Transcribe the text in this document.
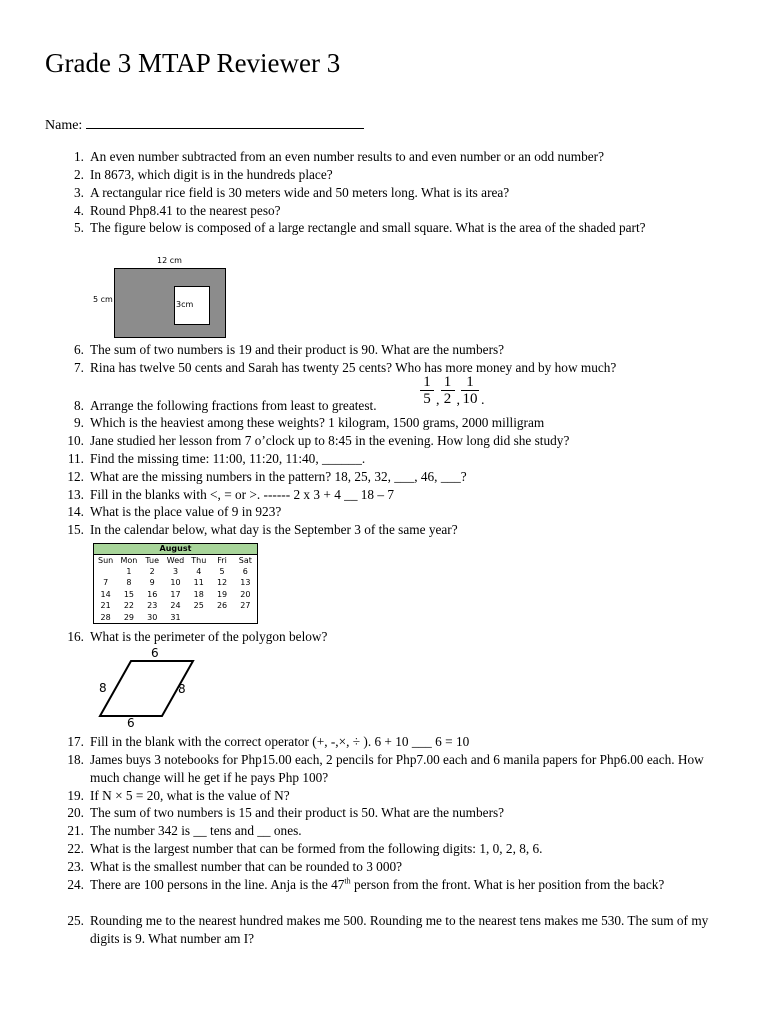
Grade 3 MTAP Reviewer 3
Name:
1. An even number subtracted from an even number results to and even number or an odd number?
2. In 8673, which digit is in the hundreds place?
3. A rectangular rice field is 30 meters wide and 50 meters long. What is its area?
4. Round Php8.41 to the nearest peso?
5. The figure below is composed of a large rectangle and small square. What is the area of the shaded part?
12 cm
5 cm
3cm
6. The sum of two numbers is 19 and their product is 90. What are the numbers?
7. Rina has twelve 50 cents and Sarah has twenty 25 cents? Who has more money and by how much?
$\frac{1}{5}$ , $\frac{1}{2}$ , $\frac{1}{10}$ .
8. Arrange the following fractions from least to greatest.
9. Which is the heaviest among these weights? 1 kilogram, 1500 grams, 2000 milligram
10. Jane studied her lesson from 7 o’clock up to 8:45 in the evening. How long did she study?
11. Find the missing time: 11:00, 11:20, 11:40, ______.
12. What are the missing numbers in the pattern? 18, 25, 32, ___, 46, ___?
13. Fill in the blanks with <, = or >. ------ 2 x 3 + 4 __ 18 – 7
14. What is the place value of 9 in 923?
15. In the calendar below, what day is the September 3 of the same year?
August
Sun	Mon	Tue	Wed	Thu	Fri	Sat
	1	2	3	4	5	6
7	8	9	10	11	12	13
14	15	16	17	18	19	20
21	22	23	24	25	26	27
28	29	30	31			
16. What is the perimeter of the polygon below?
6
8	8
6
17. Fill in the blank with the correct operator (+, -,×, ÷ ). 6 + 10 ___ 6 = 10
18. James buys 3 notebooks for Php15.00 each, 2 pencils for Php7.00 each and 6 manila papers for Php6.00 each. How much change will he get if he pays Php 100?
19. If N × 5 = 20, what is the value of N?
20. The sum of two numbers is 15 and their product is 50. What are the numbers?
21. The number 342 is __ tens and __ ones.
22. What is the largest number that can be formed from the following digits: 1, 0, 2, 8, 6.
23. What is the smallest number that can be rounded to 3 000?
24. There are 100 persons in the line. Anja is the 47th person from the front. What is her position from the back?
25. Rounding me to the nearest hundred makes me 500. Rounding me to the nearest tens makes me 530. The sum of my digits is 9. What number am I?
